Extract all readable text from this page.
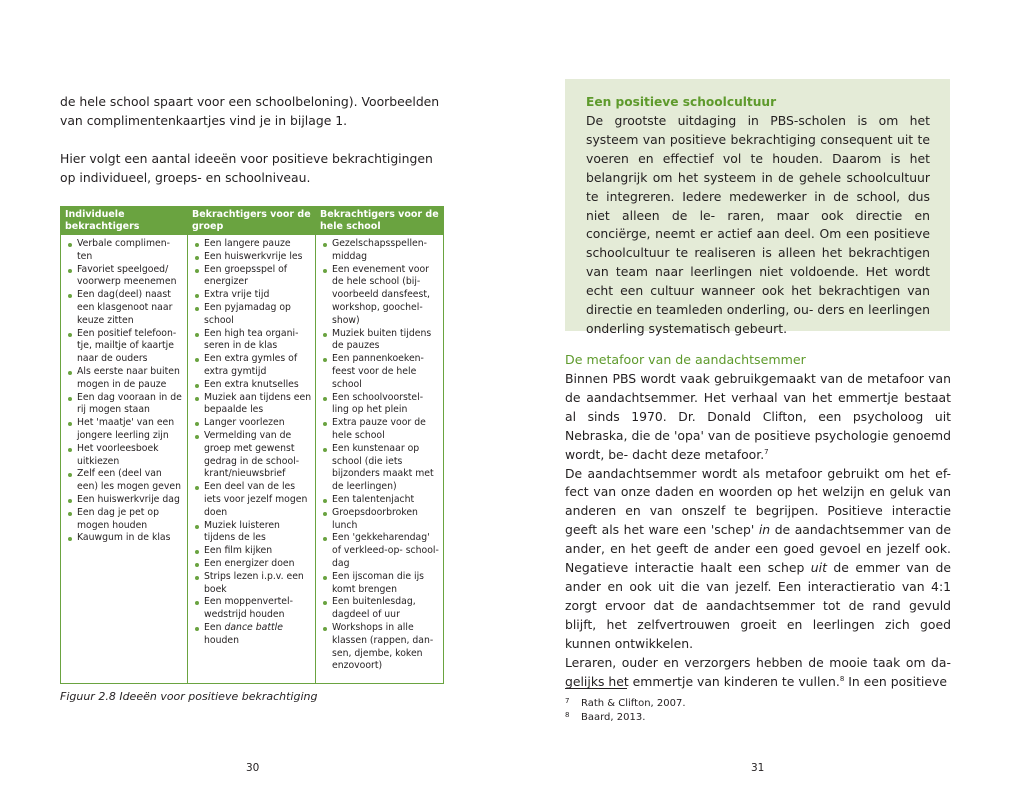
de hele school spaart voor een schoolbeloning). Voorbeelden van complimentenkaartjes vind je in bijlage 1.

Hier volgt een aantal ideeën voor positieve bekrachtigingen op individueel, groeps- en schoolniveau.

Individuele bekrachtigers
Bekrachtigers voor de groep
Bekrachtigers voor de hele school
Verbale complimen- ten
Favoriet speelgoed/ voorwerp meenemen
Een dag(deel) naast een klasgenoot naar keuze zitten
Een positief telefoon- tje, mailtje of kaartje naar de ouders
Als eerste naar buiten mogen in de pauze
Een dag vooraan in de rij mogen staan
Het 'maatje' van een jongere leerling zijn
Het voorleesboek uitkiezen
Zelf een (deel van een) les mogen geven
Een huiswerkvrije dag
Een dag je pet op mogen houden
Kauwgum in de klas
Een langere pauze
Een huiswerkvrije les
Een groepsspel of energizer
Extra vrije tijd
Een pyjamadag op school
Een high tea organi- seren in de klas
Een extra gymles of extra gymtijd
Een extra knutselles
Muziek aan tijdens een bepaalde les
Langer voorlezen
Vermelding van de groep met gewenst gedrag in de school- krant/nieuwsbrief
Een deel van de les iets voor jezelf mogen doen
Muziek luisteren tijdens de les
Een film kijken
Een energizer doen
Strips lezen i.p.v. een boek
Een moppenvertel- wedstrijd houden
Een dance battle houden
Gezelschapsspellen- middag
Een evenement voor de hele school (bij- voorbeeld dansfeest, workshop, goochel- show)
Muziek buiten tijdens de pauzes
Een pannenkoeken- feest voor de hele school
Een schoolvoorstel- ling op het plein
Extra pauze voor de hele school
Een kunstenaar op school (die iets bijzonders maakt met de leerlingen)
Een talentenjacht
Groepsdoorbroken lunch
Een 'gekkeharendag' of verkleed-op- school-dag
Een ijscoman die ijs komt brengen
Een buitenlesdag, dagdeel of uur
Workshops in alle klassen (rappen, dan- sen, djembe, koken enzovoort)

Figuur 2.8 Ideeën voor positieve bekrachtiging

30

Een positieve schoolcultuur

De grootste uitdaging in PBS-scholen is om het systeem van positieve bekrachtiging consequent uit te voeren en effectief vol te houden. Daarom is het belangrijk om het systeem in de gehele schoolcultuur te integreren. Iedere medewerker in de school, dus niet alleen de le- raren, maar ook directie en conciërge, neemt er actief aan deel. Om een positieve schoolcultuur te realiseren is alleen het bekrachtigen van team naar leerlingen niet voldoende. Het wordt echt een cultuur wanneer ook het bekrachtigen van directie en teamleden onderling, ou- ders en leerlingen onderling systematisch gebeurt.

De metafoor van de aandachtsemmer

Binnen PBS wordt vaak gebruikgemaakt van de metafoor van de aandachtsemmer. Het verhaal van het emmertje bestaat al sinds 1970. Dr. Donald Clifton, een psycholoog uit Nebraska, die de 'opa' van de positieve psychologie genoemd wordt, be- dacht deze metafoor.$^7$

De aandachtsemmer wordt als metafoor gebruikt om het ef- fect van onze daden en woorden op het welzijn en geluk van anderen en van onszelf te begrijpen. Positieve interactie geeft als het ware een 'schep' in de aandachtsemmer van de ander, en het geeft de ander een goed gevoel en jezelf ook. Negatieve interactie haalt een schep uit de emmer van de ander en ook uit die van jezelf. Een interactieratio van 4:1 zorgt ervoor dat de aandachtsemmer tot de rand gevuld blijft, het zelfvertrouwen groeit en leerlingen zich goed kunnen ontwikkelen.

Leraren, ouder en verzorgers hebben de mooie taak om da- gelijks het emmertje van kinderen te vullen.$^8$ In een positieve

7 Rath & Clifton, 2007.

8 Baard, 2013.

31
